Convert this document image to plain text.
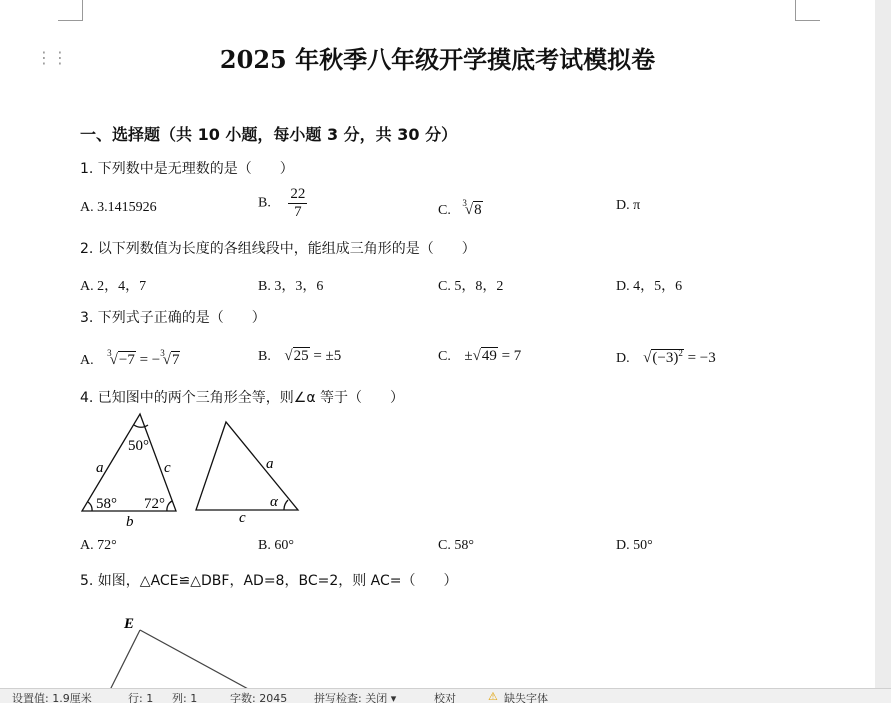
⋮⋮	2025 年秋季八年级开学摸底考试模拟卷
一、选择题（共 10 小题，每小题 3 分，共 30 分）
1. 下列数中是无理数的是（　　）
A. 3.1415926	B. $\frac{22}{7}$	C. $^3$√8	D. π
2. 以下列数值为长度的各组线段中，能组成三角形的是（　　）
A. 2，4，7	B. 3，3，6	C. 5，8，2	D. 4，5，6
3. 下列式子正确的是（　　）
A. $^3$√−7 = −$^3$√7	B. √25 = ±5	C. ±√49 = 7	D. $√(-3)^2 = -3$
4. 已知图中的两个三角形全等，则∠α 等于（　　）
50°
58° 72°
a
b
c	a
c
α
A. 72°	B. 60°	C. 58°	D. 50°
5. 如图，△ACE≌△DBF，AD=8，BC=2，则 AC=（　　）
E
设置值: 1.9厘米	行: 1 列: 1	字数: 2045 拼写检查: 关闭 ▾	校对	⚠ 缺失字体
